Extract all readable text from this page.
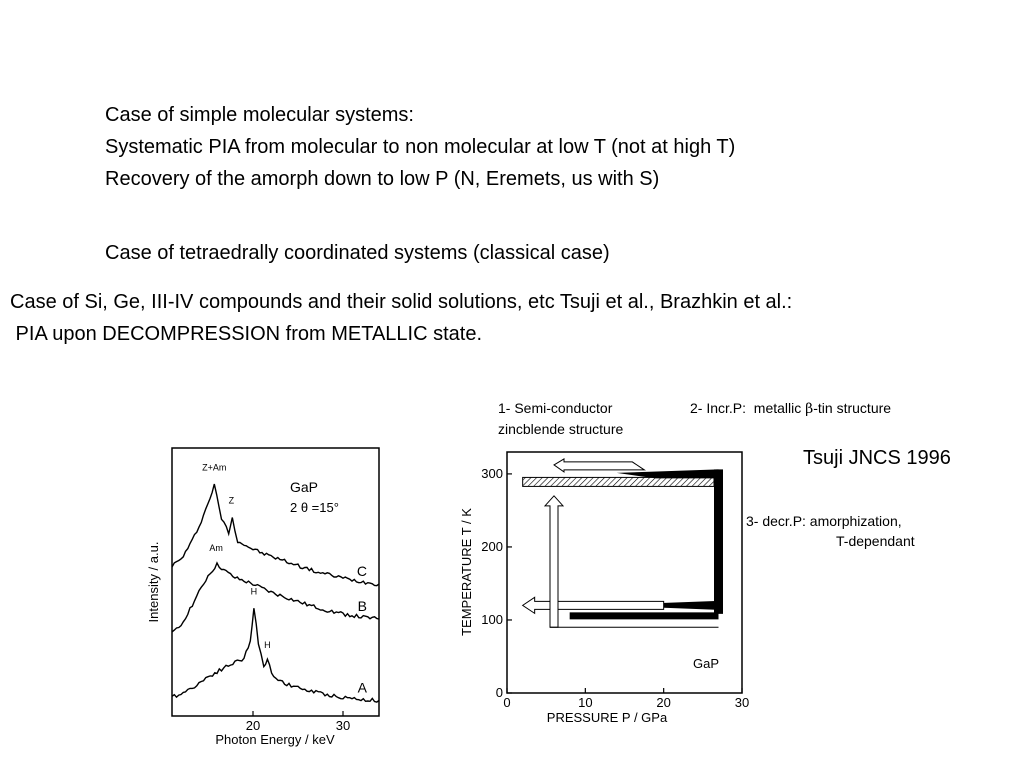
Case of simple molecular systems:
Systematic PIA from molecular to non molecular at low T (not at high T)
Recovery of the amorph down to low P (N, Eremets, us with S)
Case of tetraedrally coordinated systems (classical case)
Case of Si, Ge, III-IV compounds and their solid solutions, etc Tsuji et al., Brazhkin et al.:
PIA upon DECOMPRESSION from METALLIC state.
1- Semi-conductor
zincblende structure
2- Incr.P:  metallic β-tin structure
Tsuji JNCS 1996
3- decr.P: amorphization,
T-dependant
20	30
Z+Am
Z
Am
H
H
C
B
A
GaP
2 θ =15°
Photon Energy / keV
Intensity / a.u.
0	10	20	30
0
100
200
300
GaP
PRESSURE P / GPa
TEMPERATURE T / K
